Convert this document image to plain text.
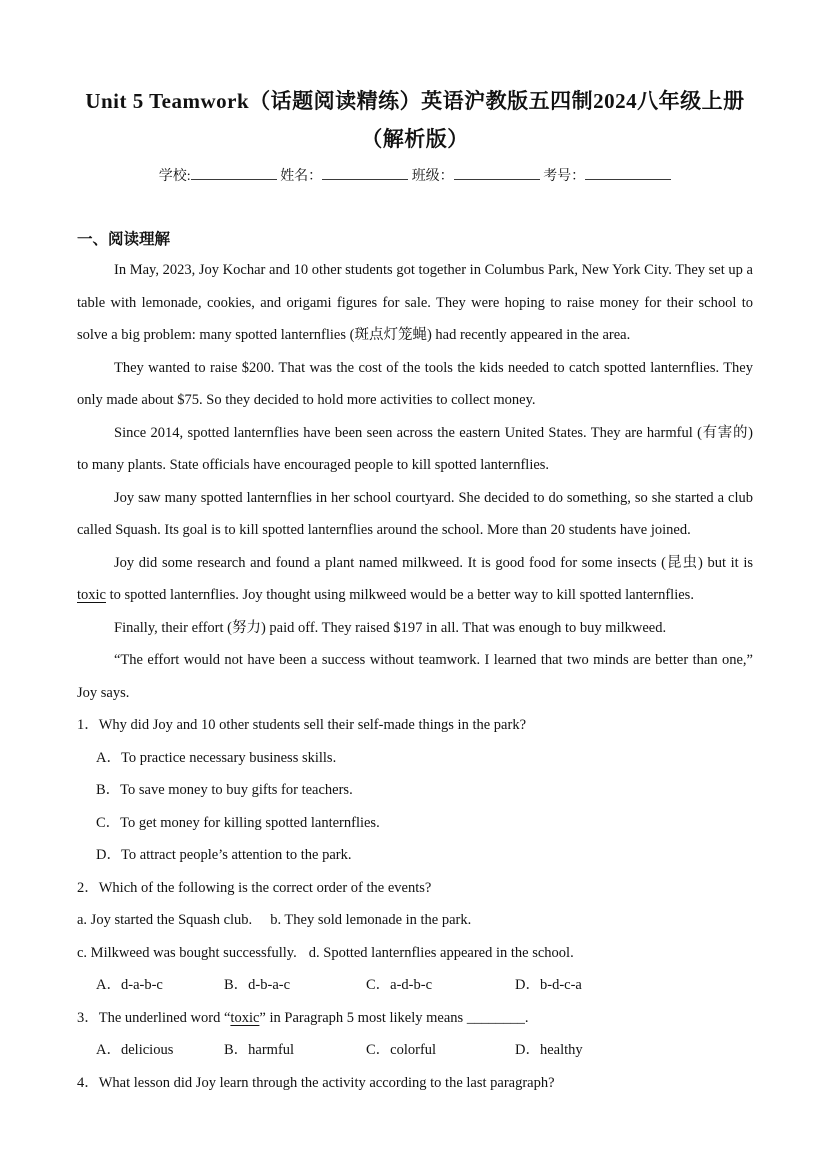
Unit 5 Teamwork（话题阅读精练）英语沪教版五四制2024八年级上册（解析版）
学校:	姓名：	班级：	考号：
一、阅读理解

In May, 2023, Joy Kochar and 10 other students got together in Columbus Park, New York City. They set up a table with lemonade, cookies, and origami figures for sale. They were hoping to raise money for their school to solve a big problem: many spotted lanternflies (斑点灯笼蝇) had recently appeared in the area.

They wanted to raise $200. That was the cost of the tools the kids needed to catch spotted lanternflies. They only made about $75. So they decided to hold more activities to collect money.

Since 2014, spotted lanternflies have been seen across the eastern United States. They are harmful (有害的) to many plants. State officials have encouraged people to kill spotted lanternflies.

Joy saw many spotted lanternflies in her school courtyard. She decided to do something, so she started a club called Squash. Its goal is to kill spotted lanternflies around the school. More than 20 students have joined.

Joy did some research and found a plant named milkweed. It is good food for some insects (昆虫) but it is toxic to spotted lanternflies. Joy thought using milkweed would be a better way to kill spotted lanternflies.

Finally, their effort (努力) paid off. They raised $197 in all. That was enough to buy milkweed.

“The effort would not have been a success without teamwork. I learned that two minds are better than one,” Joy says.

1．Why did Joy and 10 other students sell their self-made things in the park?
A．To practice necessary business skills.
B．To save money to buy gifts for teachers.
C．To get money for killing spotted lanternflies.
D．To attract people’s attention to the park.
2．Which of the following is the correct order of the events?
a. Joy started the Squash club. b. They sold lemonade in the park.
c. Milkweed was bought successfully. d. Spotted lanternflies appeared in the school.
A．d-a-b-c	B．d-b-a-c	C．a-d-b-c	D．b-d-c-a
3．The underlined word “toxic” in Paragraph 5 most likely means ________.
A．delicious	B．harmful	C．colorful	D．healthy
4．What lesson did Joy learn through the activity according to the last paragraph?
